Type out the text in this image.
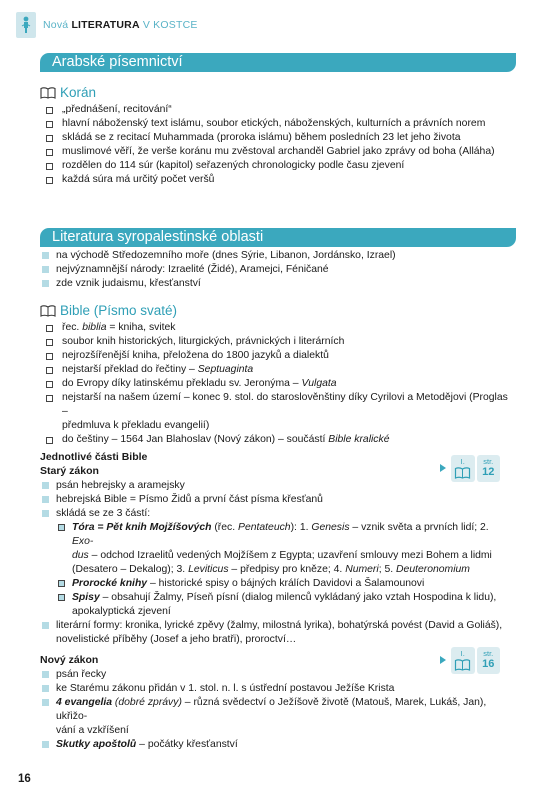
Nová LITERATURA V KOSTCE
Arabské písemnictví
Korán
„přednášení, recitování“
hlavní náboženský text islámu, soubor etických, náboženských, kulturních a právních norem
skládá se z recitací Muhammada (proroka islámu) během posledních 23 let jeho života
muslimové věří, že verše koránu mu zvěstoval archanděl Gabriel jako zprávy od boha (Alláha)
rozdělen do 114 súr (kapitol) seřazených chronologicky podle času zjevení
každá súra má určitý počet veršů
Literatura syropalestinské oblasti
na východě Středozemního moře (dnes Sýrie, Libanon, Jordánsko, Izrael)
nejvýznamnější národy: Izraelité (Židé), Aramejci, Féničané
zde vznik judaismu, křesťanství
Bible (Písmo svaté)
řec. biblia = kniha, svitek
soubor knih historických, liturgických, právnických i literárních
nejrozšířenější kniha, přeložena do 1800 jazyků a dialektů
nejstarší překlad do řečtiny – Septuaginta
do Evropy díky latinskému překladu sv. Jeronýma – Vulgata
nejstarší na našem území – konec 9. stol. do staroslověnštiny díky Cyrilovi a Metodějovi (Proglas –
předmluva k překladu evangelií)
do češtiny – 1564 Jan Blahoslav (Nový zákon) – součástí Bible kralické
Jednotlivé části Bible
Starý zákon
I.	str.
12
psán hebrejsky a aramejsky
hebrejská Bible = Písmo Židů a první část písma křesťanů
skládá se ze 3 částí:
Tóra = Pět knih Mojžíšových (řec. Pentateuch): 1. Genesis – vznik světa a prvních lidí; 2. Exo-
dus – odchod Izraelitů vedených Mojžíšem z Egypta; uzavření smlouvy mezi Bohem a lidmi
(Desatero – Dekalog); 3. Leviticus – předpisy pro kněze; 4. Numeri; 5. Deuteronomium
Prorocké knihy – historické spisy o bájných králích Davidovi a Šalamounovi
Spisy – obsahují Žalmy, Píseň písní (dialog milenců vykládaný jako vztah Hospodina k lidu),
apokalyptická zjevení
literární formy: kronika, lyrické zpěvy (žalmy, milostná lyrika), bohatýrská povést (David a Goliáš),
novelistické příběhy (Josef a jeho bratři), proroctví…
Nový zákon
I.	str.
16
psán řecky
ke Starému zákonu přidán v 1. stol. n. l. s ústřední postavou Ježíše Krista
4 evangelia (dobré zprávy) – různá svědectví o Ježíšově životě (Matouš, Marek, Lukáš, Jan), ukřižo-
vání a vzkříšení
Skutky apoštolů – počátky křesťanství
16
